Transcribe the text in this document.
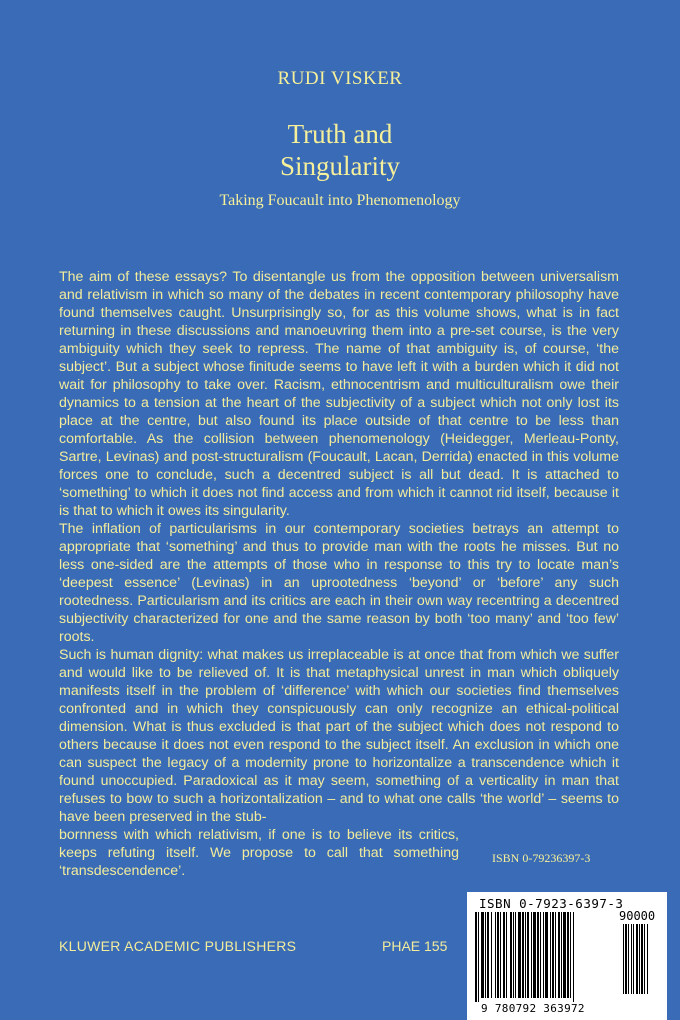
RUDI VISKER
Truth and
Singularity
Taking Foucault into Phenomenology

The aim of these essays? To disentangle us from the opposition between universalism and relativism in which so many of the debates in recent contemporary philosophy have found themselves caught. Unsurprisingly so, for as this volume shows, what is in fact returning in these discussions and manoeuvring them into a pre-set course, is the very ambiguity which they seek to repress. The name of that ambiguity is, of course, ‘the subject’. But a subject whose finitude seems to have left it with a burden which it did not wait for philosophy to take over. Racism, ethnocentrism and multiculturalism owe their dynamics to a tension at the heart of the subjectivity of a subject which not only lost its place at the centre, but also found its place outside of that centre to be less than comfortable. As the collision between phenomenology (Heidegger, Merleau-Ponty, Sartre, Levinas) and post-structuralism (Foucault, Lacan, Derrida) enacted in this volume forces one to conclude, such a decentred subject is all but dead. It is attached to ‘something’ to which it does not find access and from which it cannot rid itself, because it is that to which it owes its singularity.

The inflation of particularisms in our contemporary societies betrays an attempt to appropriate that ‘something’ and thus to provide man with the roots he misses. But no less one-sided are the attempts of those who in response to this try to locate man’s ‘deepest essence’ (Levinas) in an uprootedness ‘beyond’ or ‘before’ any such rootedness. Particularism and its critics are each in their own way recentring a decentred subjectivity characterized for one and the same reason by both ‘too many’ and ‘too few’ roots.

Such is human dignity: what makes us irreplaceable is at once that from which we suffer and would like to be relieved of. It is that metaphysical unrest in man which obliquely manifests itself in the problem of ‘difference’ with which our societies find themselves confronted and in which they conspicuously can only recognize an ethical-political dimension. What is thus excluded is that part of the subject which does not respond to others because it does not even respond to the subject itself. An exclusion in which one can suspect the legacy of a modernity prone to horizontalize a transcendence which it found unoccupied. Paradoxical as it may seem, something of a verticality in man that refuses to bow to such a horizontalization – and to what one calls ‘the world’ – seems to have been preserved in the stub-

bornness with which relativism, if one is to believe its critics, keeps refuting itself. We propose to call that something ‘transdescendence’.

ISBN 0-79236397-3
KLUWER ACADEMIC PUBLISHERS	PHAE 155
ISBN 0-7923-6397-3
90000
9 780792 363972
